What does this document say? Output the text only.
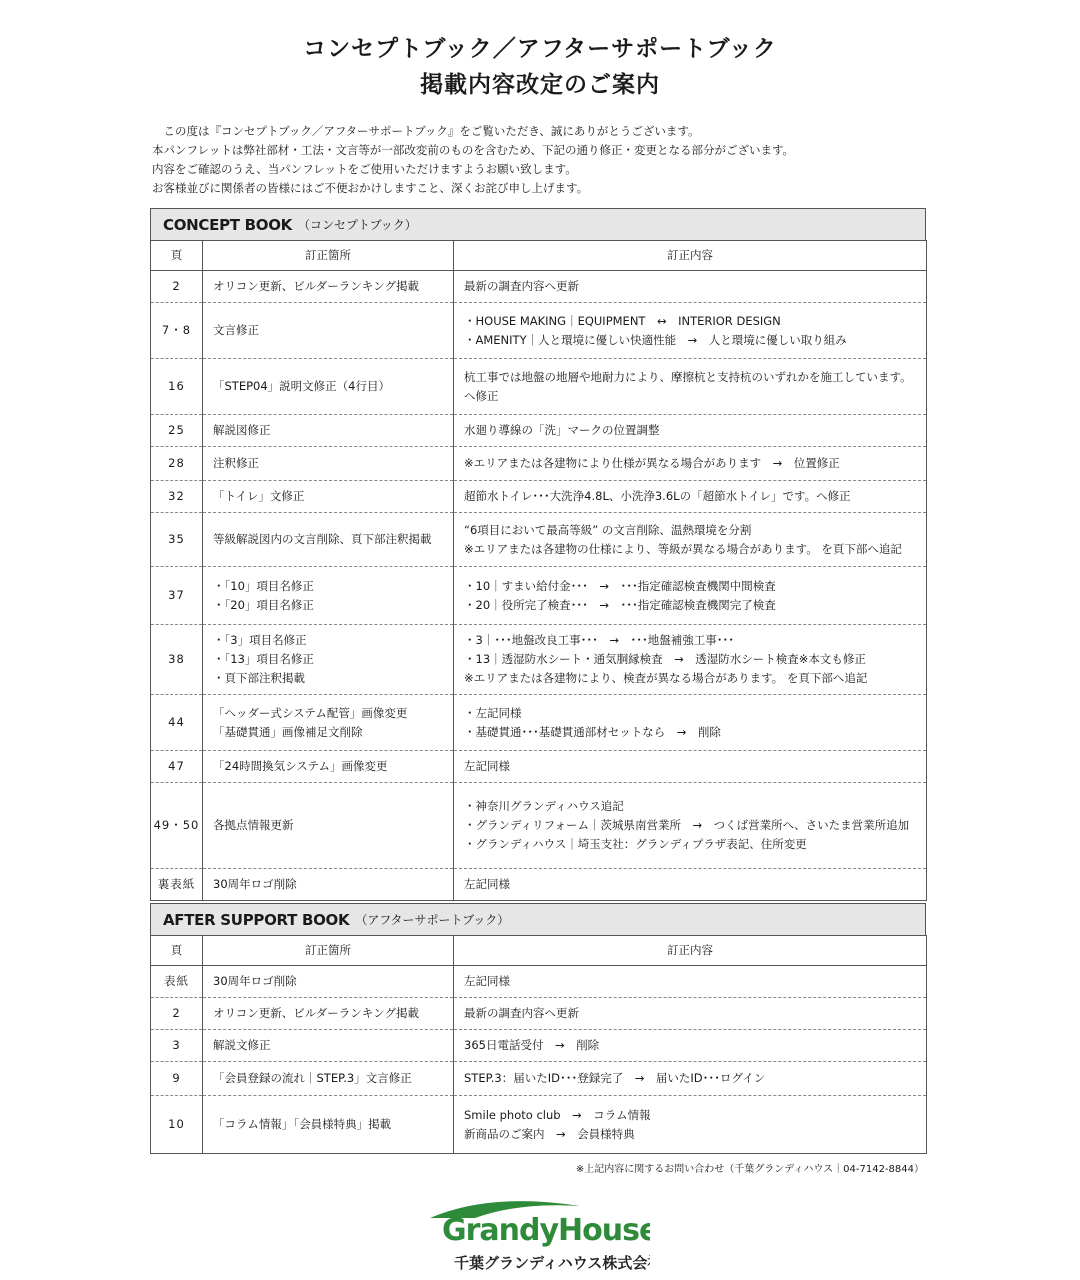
コンセプトブック／アフターサポートブック
掲載内容改定のご案内
　この度は『コンセプトブック／アフターサポートブック』をご覧いただき、誠にありがとうございます。
本パンフレットは弊社部材・工法・文言等が一部改変前のものを含むため、下記の通り修正・変更となる部分がございます。
内容をご確認のうえ、当パンフレットをご使用いただけますようお願い致します。
お客様並びに関係者の皆様にはご不便おかけしますこと、深くお詫び申し上げます。
CONCEPT BOOK （コンセプトブック）
頁	訂正箇所	訂正内容
2	オリコン更新、ビルダーランキング掲載	最新の調査内容へ更新

7・8	文言修正	・HOUSE MAKING｜EQUIPMENT　↔　INTERIOR DESIGN
・AMENITY｜人と環境に優しい快適性能　→　人と環境に優しい取り組み

16	「STEP04」説明文修正（4行目）	杭工事では地盤の地層や地耐力により、摩擦杭と支持杭のいずれかを施工しています。
へ修正

25	解説図修正	水廻り導線の「洗」マークの位置調整

28	注釈修正	※エリアまたは各建物により仕様が異なる場合があります　→　位置修正

32	「トイレ」文修正	超節水トイレ･･･大洗浄4.8L、小洗浄3.6Lの「超節水トイレ」です。へ修正

35	等級解説図内の文言削除、頁下部注釈掲載	“6項目において最高等級” の文言削除、温熱環境を分割
※エリアまたは各建物の仕様により、等級が異なる場合があります。 を頁下部へ追記

37	・「10」項目名修正
・「20」項目名修正	・10｜すまい給付金･･･　→　･･･指定確認検査機関中間検査
・20｜役所完了検査･･･　→　･･･指定確認検査機関完了検査

38	・「3」項目名修正
・「13」項目名修正
・頁下部注釈掲載	・3｜･･･地盤改良工事･･･　→　･･･地盤補強工事･･･
・13｜透湿防水シート・通気胴縁検査　→　透湿防水シート検査※本文も修正
※エリアまたは各建物により、検査が異なる場合があります。 を頁下部へ追記

44	「ヘッダー式システム配管」画像変更
「基礎貫通」画像補足文削除	・左記同様
・基礎貫通･･･基礎貫通部材セットなら　→　削除

47	「24時間換気システム」画像変更	左記同様

49・50	各拠点情報更新	・神奈川グランディハウス追記
・グランディリフォーム｜茨城県南営業所　→　つくば営業所へ、さいたま営業所追加
・グランディハウス｜埼玉支社：グランディプラザ表記、住所変更

裏表紙	30周年ロゴ削除	左記同様
AFTER SUPPORT BOOK （アフターサポートブック）
頁	訂正箇所	訂正内容
表紙	30周年ロゴ削除	左記同様

2	オリコン更新、ビルダーランキング掲載	最新の調査内容へ更新

3	解説文修正	365日電話受付　→　削除

9	「会員登録の流れ｜STEP.3」文言修正	STEP.3：届いたID･･･登録完了　→　届いたID･･･ログイン

10	「コラム情報」「会員様特典」掲載	Smile photo club　→　コラム情報
新商品のご案内　→　会員様特典
※上記内容に関するお問い合わせ（千葉グランディハウス｜04-7142-8844）
GrandyHouse
千葉グランディハウス株式会社
